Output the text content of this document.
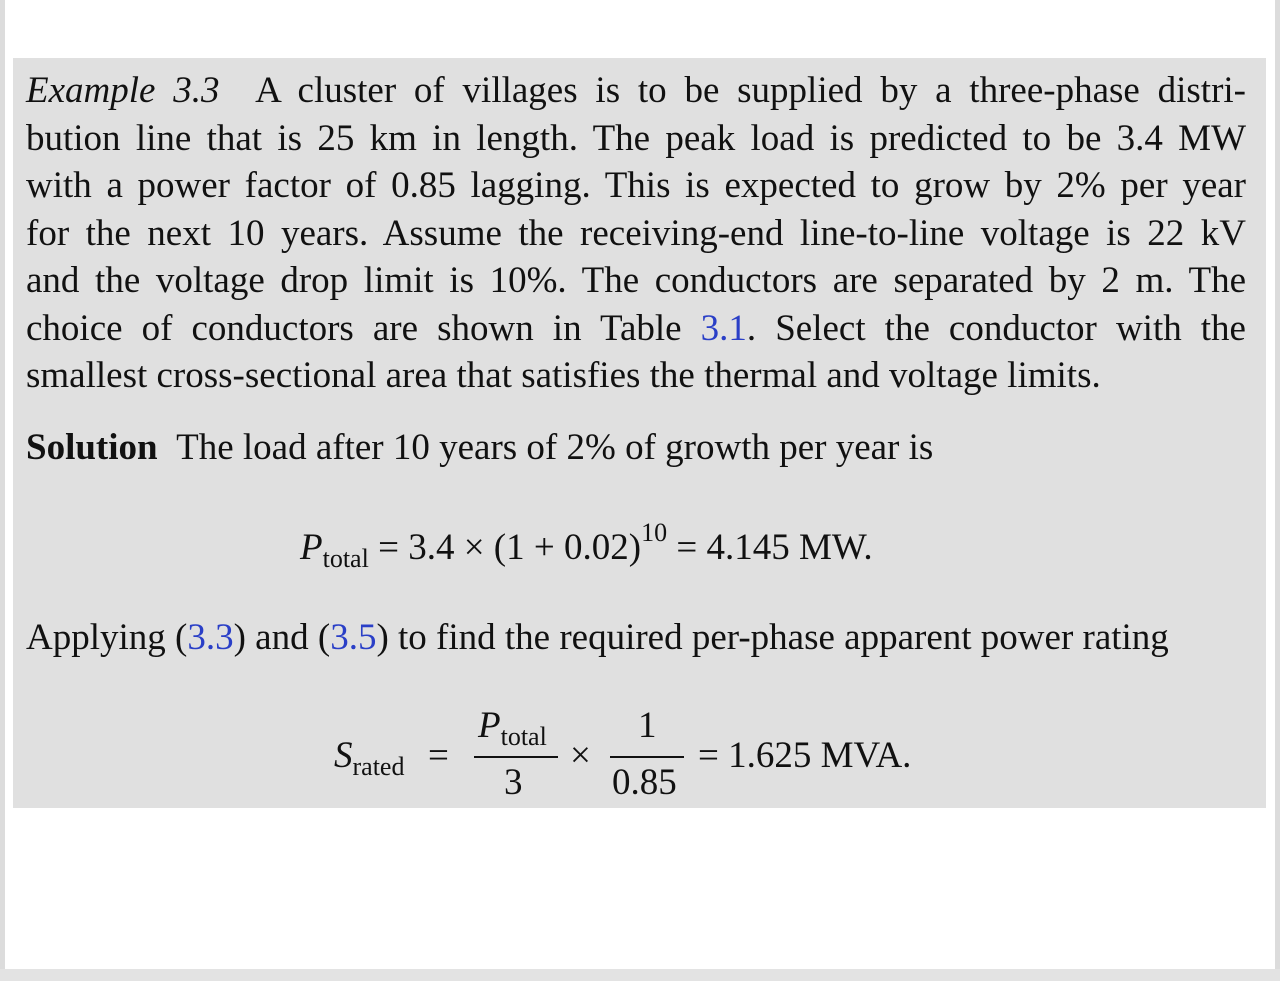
Example 3.3 A cluster of villages is to be supplied by a three-phase distri-
bution line that is 25 km in length. The peak load is predicted to be 3.4 MW
with a power factor of 0.85 lagging. This is expected to grow by 2% per year
for the next 10 years. Assume the receiving-end line-to-line voltage is 22 kV
and the voltage drop limit is 10%. The conductors are separated by 2 m. The
choice of conductors are shown in Table 3.1. Select the conductor with the
smallest cross-sectional area that satisfies the thermal and voltage limits.
Solution The load after 10 years of 2% of growth per year is
$P_{total} = 3.4 \times (1 + 0.02)^{10} = 4.145$ MW.
Applying (3.3) and (3.5) to find the required per-phase apparent power rating
$S_{rated}$ =
$P_{total}$
3
×
1
0.85
= 1.625 MVA.
